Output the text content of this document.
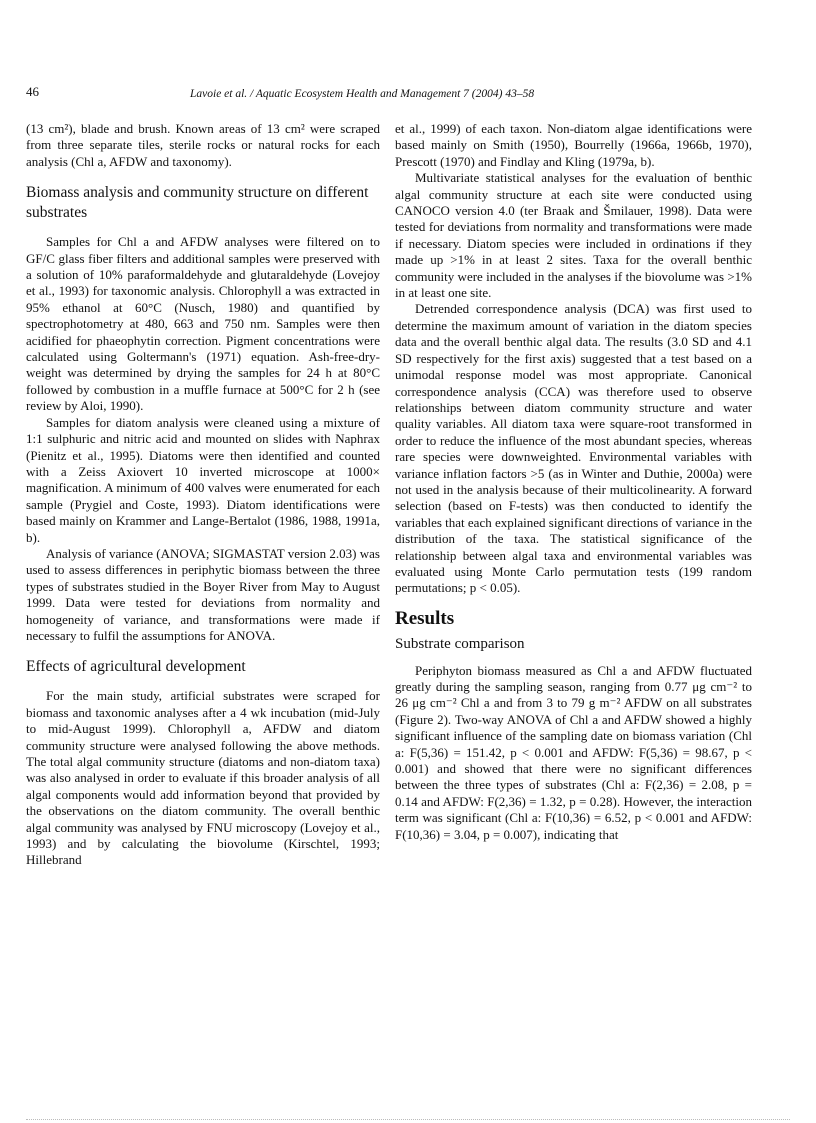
46	Lavoie et al. / Aquatic Ecosystem Health and Management 7 (2004) 43–58

(13 cm²), blade and brush. Known areas of 13 cm² were scraped from three separate tiles, sterile rocks or natural rocks for each analysis (Chl a, AFDW and taxonomy).

Biomass analysis and community structure on different substrates

Samples for Chl a and AFDW analyses were filtered on to GF/C glass fiber filters and additional samples were preserved with a solution of 10% paraformaldehyde and glutaraldehyde (Lovejoy et al., 1993) for taxonomic analysis. Chlorophyll a was extracted in 95% ethanol at 60°C (Nusch, 1980) and quantified by spectrophotometry at 480, 663 and 750 nm. Samples were then acidified for phaeophytin correction. Pigment concentrations were calculated using Goltermann's (1971) equation. Ash-free-dry-weight was determined by drying the samples for 24 h at 80°C followed by combustion in a muffle furnace at 500°C for 2 h (see review by Aloi, 1990).

Samples for diatom analysis were cleaned using a mixture of 1:1 sulphuric and nitric acid and mounted on slides with Naphrax (Pienitz et al., 1995). Diatoms were then identified and counted with a Zeiss Axiovert 10 inverted microscope at 1000× magnification. A minimum of 400 valves were enumerated for each sample (Prygiel and Coste, 1993). Diatom identifications were based mainly on Krammer and Lange-Bertalot (1986, 1988, 1991a, b).

Analysis of variance (ANOVA; SIGMASTAT version 2.03) was used to assess differences in periphytic biomass between the three types of substrates studied in the Boyer River from May to August 1999. Data were tested for deviations from normality and homogeneity of variance, and transformations were made if necessary to fulfil the assumptions for ANOVA.

Effects of agricultural development

For the main study, artificial substrates were scraped for biomass and taxonomic analyses after a 4 wk incubation (mid-July to mid-August 1999). Chlorophyll a, AFDW and diatom community structure were analysed following the above methods. The total algal community structure (diatoms and non-diatom taxa) was also analysed in order to evaluate if this broader analysis of all algal components would add information beyond that provided by the observations on the diatom community. The overall benthic algal community was analysed by FNU microscopy (Lovejoy et al., 1993) and by calculating the biovolume (Kirschtel, 1993; Hillebrand

et al., 1999) of each taxon. Non-diatom algae identifications were based mainly on Smith (1950), Bourrelly (1966a, 1966b, 1970), Prescott (1970) and Findlay and Kling (1979a, b).

Multivariate statistical analyses for the evaluation of benthic algal community structure at each site were conducted using CANOCO version 4.0 (ter Braak and Šmilauer, 1998). Data were tested for deviations from normality and transformations were made if necessary. Diatom species were included in ordinations if they made up >1% in at least 2 sites. Taxa for the overall benthic community were included in the analyses if the biovolume was >1% in at least one site.

Detrended correspondence analysis (DCA) was first used to determine the maximum amount of variation in the diatom species data and the overall benthic algal data. The results (3.0 SD and 4.1 SD respectively for the first axis) suggested that a test based on a unimodal response model was most appropriate. Canonical correspondence analysis (CCA) was therefore used to observe relationships between diatom community structure and water quality variables. All diatom taxa were square-root transformed in order to reduce the influence of the most abundant species, whereas rare species were downweighted. Environmental variables with variance inflation factors >5 (as in Winter and Duthie, 2000a) were not used in the analysis because of their multicolinearity. A forward selection (based on F-tests) was then conducted to identify the variables that each explained significant directions of variance in the distribution of the taxa. The statistical significance of the relationship between algal taxa and environmental variables was evaluated using Monte Carlo permutation tests (199 random permutations; p < 0.05).

Results
Substrate comparison

Periphyton biomass measured as Chl a and AFDW fluctuated greatly during the sampling season, ranging from 0.77 μg cm⁻² to 26 μg cm⁻² Chl a and from 3 to 79 g m⁻² AFDW on all substrates (Figure 2). Two-way ANOVA of Chl a and AFDW showed a highly significant influence of the sampling date on biomass variation (Chl a: F(5,36) = 151.42, p < 0.001 and AFDW: F(5,36) = 98.67, p < 0.001) and showed that there were no significant differences between the three types of substrates (Chl a: F(2,36) = 2.08, p = 0.14 and AFDW: F(2,36) = 1.32, p = 0.28). However, the interaction term was significant (Chl a: F(10,36) = 6.52, p < 0.001 and AFDW: F(10,36) = 3.04, p = 0.007), indicating that
